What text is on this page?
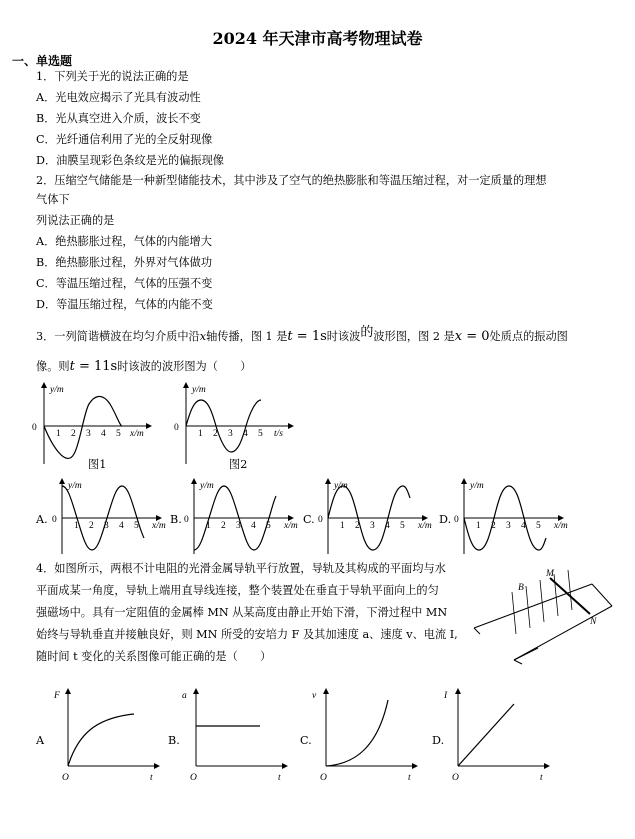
2024 年天津市高考物理试卷
一、单选题
1．下列关于光的说法正确的是
A．光电效应揭示了光具有波动性
B．光从真空进入介质，波长不变
C．光纤通信利用了光的全反射现像
D．油膜呈现彩色条纹是光的偏振现像
2．压缩空气储能是一种新型储能技术，其中涉及了空气的绝热膨胀和等温压缩过程，对一定质量的理想
气体下
列说法正确的是
A．绝热膨胀过程，气体的内能增大
B．绝热膨胀过程，外界对气体做功
C．等温压缩过程，气体的压强不变
D．等温压缩过程，气体的内能不变
3．一列简谐横波在均匀介质中沿x轴传播，图 1 是t = 1s时该波的波形图，图 2 是x = 0处质点的振动图
像。则t = 11s时该波的波形图为（　　）
y/m
0
x/m
1 2 3 4 5
图1
y/m
0
t/s
1 2 3 4 5
图2
A.
y/m
0
x/m
1 2 3 4 5	B.
y/m
0
x/m
1 2 3 4 5	C.
y/m
0
x/m
1 2 3 4 5	D.
y/m
0
x/m
1 2 3 4 5
4．如图所示，两根不计电阻的光滑金属导轨平行放置，导轨及其构成的平面均与水
平面成某一角度，导轨上端用直导线连接，整个装置处在垂直于导轨平面向上的匀
强磁场中。具有一定阻值的金属棒 MN 从某高度由静止开始下滑，下滑过程中 MN
始终与导轨垂直并接触良好，则 MN 所受的安培力 F 及其加速度 a、速度 v、电流 I,
随时间 t 变化的关系图像可能正确的是（　　）
B
M
N
A
F
O	t
B.
a
O	t
C.
v
O	t
D.
I
O	t
